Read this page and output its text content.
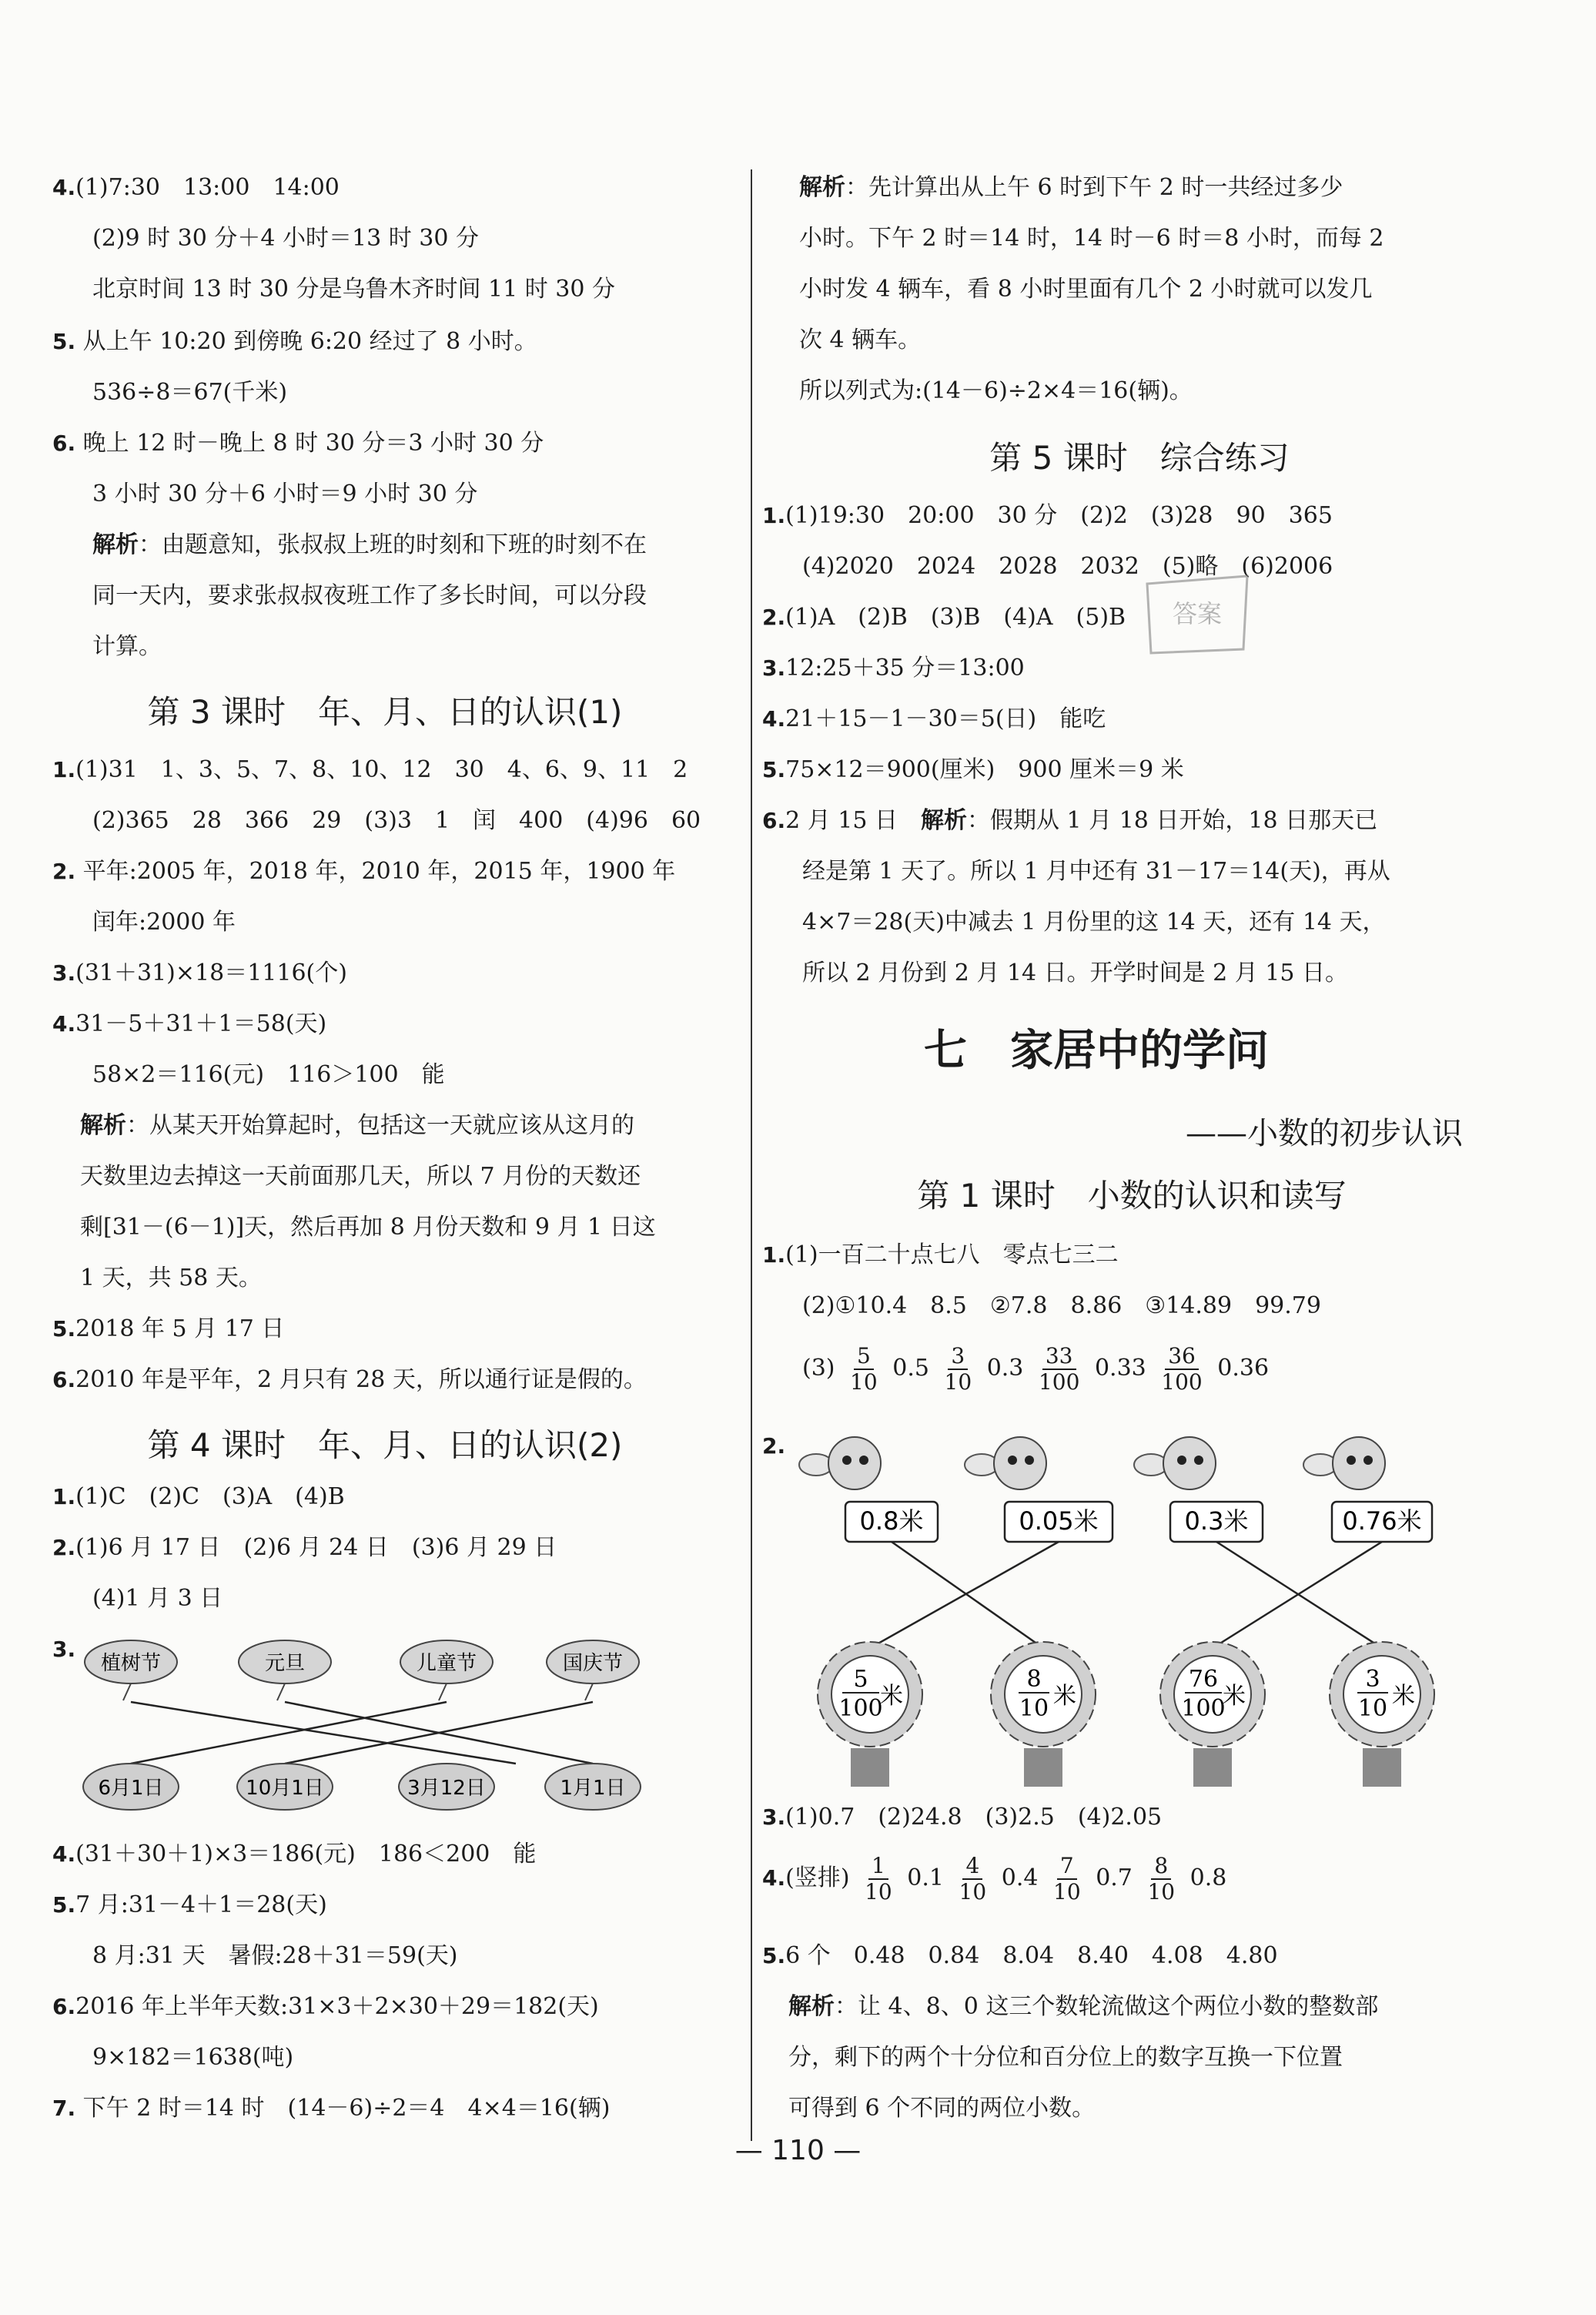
4.(1)7:30　13:00　14:00
(2)9 时 30 分＋4 小时＝13 时 30 分
北京时间 13 时 30 分是乌鲁木齐时间 11 时 30 分
5. 从上午 10:20 到傍晚 6:20 经过了 8 小时。
536÷8＝67(千米)
6. 晚上 12 时－晚上 8 时 30 分＝3 小时 30 分
3 小时 30 分＋6 小时＝9 小时 30 分
解析：由题意知，张叔叔上班的时刻和下班的时刻不在
同一天内，要求张叔叔夜班工作了多长时间，可以分段
计算。
第 3 课时　年、月、日的认识(1)
1.(1)31　1、3、5、7、8、10、12　30　4、6、9、11　2
(2)365　28　366　29　(3)3　1　闰　400　(4)96　60
2. 平年:2005 年，2018 年，2010 年，2015 年，1900 年
闰年:2000 年
3.(31＋31)×18＝1116(个)
4.31－5＋31＋1＝58(天)
58×2＝116(元)　116＞100　能
解析：从某天开始算起时，包括这一天就应该从这月的
天数里边去掉这一天前面那几天，所以 7 月份的天数还
剩[31－(6－1)]天，然后再加 8 月份天数和 9 月 1 日这
1 天，共 58 天。
5.2018 年 5 月 17 日
6.2010 年是平年，2 月只有 28 天，所以通行证是假的。
第 4 课时　年、月、日的认识(2)
1.(1)C　(2)C　(3)A　(4)B
2.(1)6 月 17 日　(2)6 月 24 日　(3)6 月 29 日
(4)1 月 3 日
3.
植树节	元旦	儿童节	国庆节
6月1日	10月1日	3月12日	1月1日
4.(31＋30＋1)×3＝186(元)　186＜200　能
5.7 月:31－4＋1＝28(天)
8 月:31 天　暑假:28＋31＝59(天)
6.2016 年上半年天数:31×3＋2×30＋29＝182(天)
9×182＝1638(吨)
7. 下午 2 时＝14 时　(14－6)÷2＝4　4×4＝16(辆)
解析：先计算出从上午 6 时到下午 2 时一共经过多少
小时。下午 2 时＝14 时，14 时－6 时＝8 小时，而每 2
小时发 4 辆车，看 8 小时里面有几个 2 小时就可以发几
次 4 辆车。
所以列式为:(14－6)÷2×4＝16(辆)。
第 5 课时　综合练习
1.(1)19:30　20:00　30 分　(2)2　(3)28　90　365
(4)2020　2024　2028　2032　(5)略　(6)2006
2.(1)A　(2)B　(3)B　(4)A　(5)B
3.12:25＋35 分＝13:00
4.21＋15－1－30＝5(日)　能吃
5.75×12＝900(厘米)　900 厘米＝9 米
6.2 月 15 日　解析：假期从 1 月 18 日开始，18 日那天已
经是第 1 天了。所以 1 月中还有 31－17＝14(天)，再从
4×7＝28(天)中减去 1 月份里的这 14 天，还有 14 天，
所以 2 月份到 2 月 14 日。开学时间是 2 月 15 日。
答案
七　家居中的学问
——小数的初步认识
第 1 课时　小数的认识和读写
1.(1)一百二十点七八　零点七三二
(2)①10.4　8.5　②7.8　8.86　③14.89　99.79
$(3) \frac{5}{10} 0.5 \frac{3}{10} 0.3 \frac{33}{100} 0.33 \frac{36}{100} 0.36$
2.
0.8米	0.05米	0.3米	0.76米
5
100
米
8
10 米
76
100
米
3
10 米
3.(1)0.7　(2)24.8　(3)2.5　(4)2.05
4.(竖排) $\frac{1}{10} 0.1 \frac{4}{10} 0.4 \frac{7}{10} 0.7 \frac{8}{10} 0.8$
5.6 个　0.48　0.84　8.04　8.40　4.08　4.80
解析：让 4、8、0 这三个数轮流做这个两位小数的整数部
分，剩下的两个十分位和百分位上的数字互换一下位置
可得到 6 个不同的两位小数。
— 110 —
